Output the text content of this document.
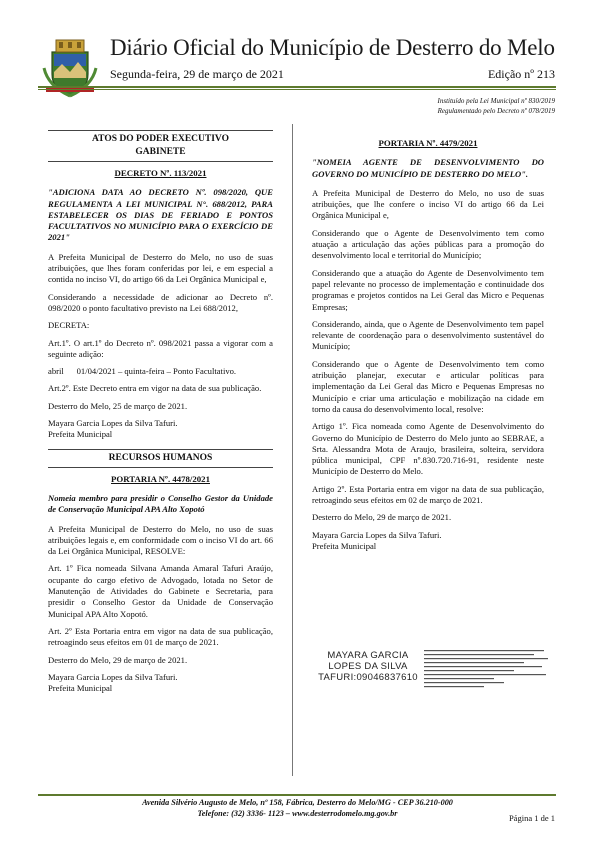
Diário Oficial do Município de Desterro do Melo
Segunda-feira, 29 de março de 2021	Edição nº 213
Instituído pela Lei Municipal nº 830/2019
Regulamentado pelo Decreto nº 078/2019
ATOS DO PODER EXECUTIVO
GABINETE
DECRETO Nº. 113/2021

"ADICIONA DATA AO DECRETO Nº. 098/2020, QUE REGULAMENTA A LEI MUNICIPAL N°. 688/2012, PARA ESTABELECER OS DIAS DE FERIADO E PONTOS FACULTATIVOS NO MUNICÍPIO PARA O EXERCÍCIO DE 2021"

A Prefeita Municipal de Desterro do Melo, no uso de suas atribuições, que lhes foram conferidas por lei, e em especial a contida no inciso VI, do artigo 66 da Lei Orgânica Municipal e,

Considerando a necessidade de adicionar ao Decreto nº. 098/2020 o ponto facultativo previsto na Lei 688/2012,

DECRETA:

Art.1º. O art.1º do Decreto nº. 098/2021 passa a vigorar com a seguinte adição:

abril      01/04/2021 – quinta-feira – Ponto Facultativo.

Art.2º. Este Decreto entra em vigor na data de sua publicação.

Desterro do Melo, 25 de março de 2021.

Mayara Garcia Lopes da Silva Tafuri.

Prefeita Municipal

RECURSOS HUMANOS
PORTARIA Nº. 4478/2021

Nomeia membro para presidir o Conselho Gestor da Unidade de Conservação Municipal APA Alto Xopotó

A Prefeita Municipal de Desterro do Melo, no uso de suas atribuições legais e, em conformidade com o inciso VI do art. 66 da Lei Orgânica Municipal, RESOLVE:

Art. 1º Fica nomeada Silvana Amanda Amaral Tafuri Araújo, ocupante do cargo efetivo de Advogado, lotada no Setor de Manutenção de Atividades do Gabinete e Secretaria, para presidir o Conselho Gestor da Unidade de Conservação Municipal APA Alto Xopotó.

Art. 2º Esta Portaria entra em vigor na data de sua publicação, retroagindo seus efeitos em 01 de março de 2021.

Desterro do Melo, 29 de março de 2021.

Mayara Garcia Lopes da Silva Tafuri.

Prefeita Municipal

PORTARIA Nº. 4479/2021

"NOMEIA AGENTE DE DESENVOLVIMENTO DO GOVERNO DO MUNICÍPIO DE DESTERRO DO MELO".

A Prefeita Municipal de Desterro do Melo, no uso de suas atribuições, que lhe confere o inciso VI do artigo 66 da Lei Orgânica Municipal e,

Considerando que o Agente de Desenvolvimento tem como atuação a articulação das ações públicas para a promoção do desenvolvimento local e territorial do Município;

Considerando que a atuação do Agente de Desenvolvimento tem papel relevante no processo de implementação e continuidade dos programas e projetos contidos na Lei Geral das Micro e Pequenas Empresas;

Considerando, ainda, que o Agente de Desenvolvimento tem papel relevante de coordenação para o desenvolvimento sustentável do Município;

Considerando que o Agente de Desenvolvimento tem como atribuição planejar, executar e articular políticas para implementação da Lei Geral das Micro e Pequenas Empresas no Município e criar uma articulação e mobilização na cidade em torno da causa do desenvolvimento local, resolve:

Artigo 1º. Fica nomeada como Agente de Desenvolvimento do Governo do Município de Desterro do Melo junto ao SEBRAE, a Srta. Alessandra Mota de Araujo, brasileira, solteira, servidora pública municipal, CPF nº.830.720.716-91, residente neste Município de Desterro do Melo.

Artigo 2º. Esta Portaria entra em vigor na data de sua publicação, retroagindo seus efeitos em 02 de março de 2021.

Desterro do Melo, 29 de março de 2021.

Mayara Garcia Lopes da Silva Tafuri.

Prefeita Municipal

MAYARA GARCIA
LOPES DA SILVA
TAFURI:09046837610
Avenida Silvério Augusto de Melo, nº 158, Fábrica, Desterro do Melo/MG - CEP 36.210-000
Telefone: (32) 3336- 1123 – www.desterrodomelo.mg.gov.br	Página 1 de 1
